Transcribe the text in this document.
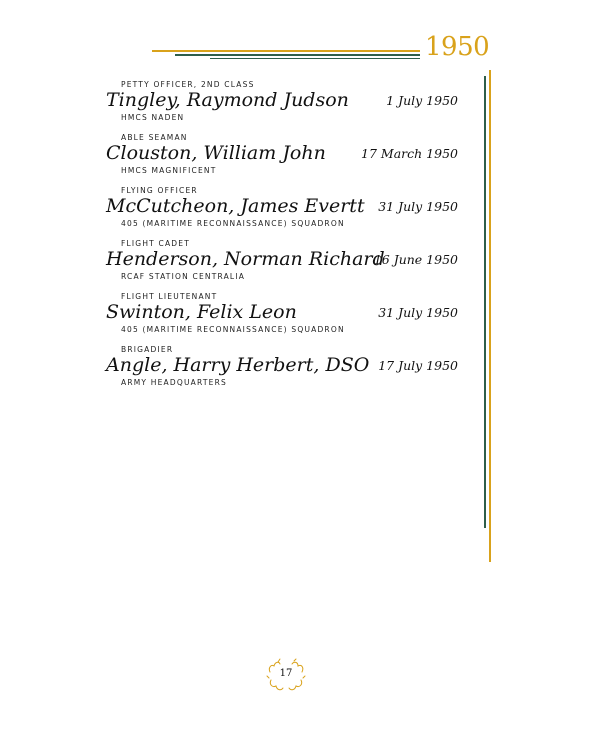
1950
PETTY OFFICER, 2ND CLASS
Tingley, Raymond Judson
HMCS NADEN
1 July 1950
ABLE SEAMAN
Clouston, William John
HMCS MAGNIFICENT
17 March 1950
FLYING OFFICER
McCutcheon, James Evertt
405 (MARITIME RECONNAISSANCE) SQUADRON
31 July 1950
FLIGHT CADET
Henderson, Norman Richard
RCAF STATION CENTRALIA
16 June 1950
FLIGHT LIEUTENANT
Swinton, Felix Leon
405 (MARITIME RECONNAISSANCE) SQUADRON
31 July 1950
BRIGADIER
Angle, Harry Herbert, DSO
ARMY HEADQUARTERS
17 July 1950
17
